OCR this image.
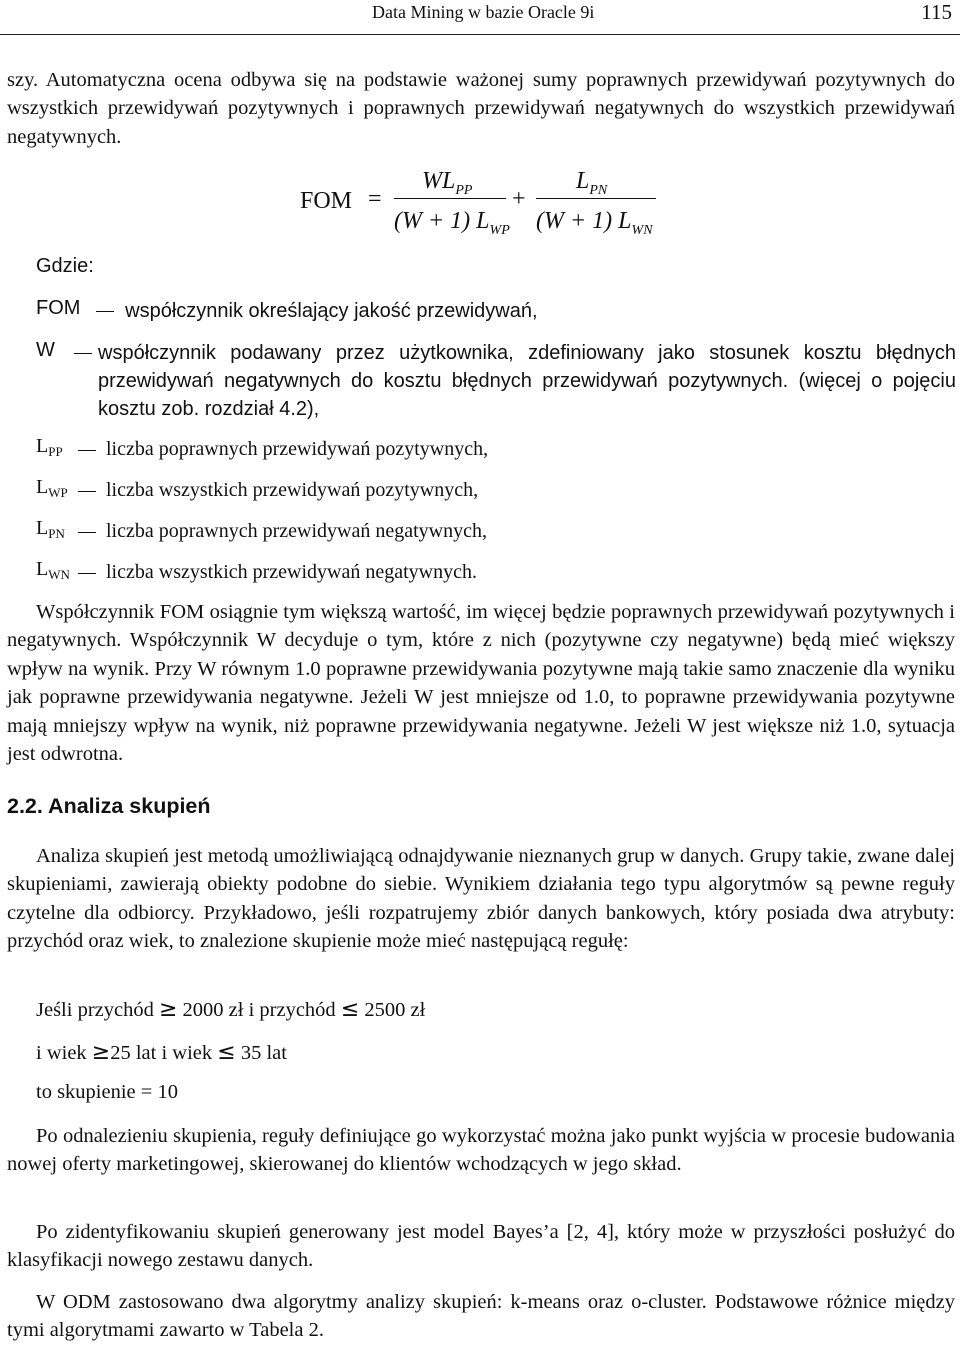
Data Mining w bazie Oracle 9i	115

szy. Automatyczna ocena odbywa się na podstawie ważonej sumy poprawnych przewidywań pozytywnych do wszystkich przewidywań pozytywnych i poprawnych przewidywań negatywnych do wszystkich przewidywań negatywnych.

FOM =
$WL_{PP}$
(W + 1) $L_{WP}$
+
$L_{PN}$
(W + 1) $L_{WN}$
Gdzie:
FOM	współczynnik określający jakość przewidywań,
W współczynnik podawany przez użytkownika, zdefiniowany jako stosunek kosztu błędnych przewidywań negatywnych do kosztu błędnych przewidywań pozytywnych. (więcej o pojęciu kosztu zob. rozdział 4.2),
$L_{PP}$	liczba poprawnych przewidywań pozytywnych,
$L_{WP}$	liczba wszystkich przewidywań pozytywnych,
$L_{PN}$	liczba poprawnych przewidywań negatywnych,
$L_{WN}$	liczba wszystkich przewidywań negatywnych.

Współczynnik FOM osiągnie tym większą wartość, im więcej będzie poprawnych przewidywań pozytywnych i negatywnych. Współczynnik W decyduje o tym, które z nich (pozytywne czy negatywne) będą mieć większy wpływ na wynik. Przy W równym 1.0 poprawne przewidywania pozytywne mają takie samo znaczenie dla wyniku jak poprawne przewidywania negatywne. Jeżeli W jest mniejsze od 1.0, to poprawne przewidywania pozytywne mają mniejszy wpływ na wynik, niż poprawne przewidywania negatywne. Jeżeli W jest większe niż 1.0, sytuacja jest odwrotna.

2.2. Analiza skupień

Analiza skupień jest metodą umożliwiającą odnajdywanie nieznanych grup w danych. Grupy takie, zwane dalej skupieniami, zawierają obiekty podobne do siebie. Wynikiem działania tego typu algorytmów są pewne reguły czytelne dla odbiorcy. Przykładowo, jeśli rozpatrujemy zbiór danych bankowych, który posiada dwa atrybuty: przychód oraz wiek, to znalezione skupienie może mieć następującą regułę:

Jeśli przychód ≥ 2000 zł i przychód ≤ 2500 zł
i wiek ≥25 lat i wiek ≤ 35 lat
to skupienie = 10

Po odnalezieniu skupienia, reguły definiujące go wykorzystać można jako punkt wyjścia w procesie budowania nowej oferty marketingowej, skierowanej do klientów wchodzących w jego skład.

Po zidentyfikowaniu skupień generowany jest model Bayes’a [2, 4], który może w przyszłości posłużyć do klasyfikacji nowego zestawu danych.

W ODM zastosowano dwa algorytmy analizy skupień: k-means oraz o-cluster. Podstawowe różnice między tymi algorytmami zawarto w Tabela 2.
